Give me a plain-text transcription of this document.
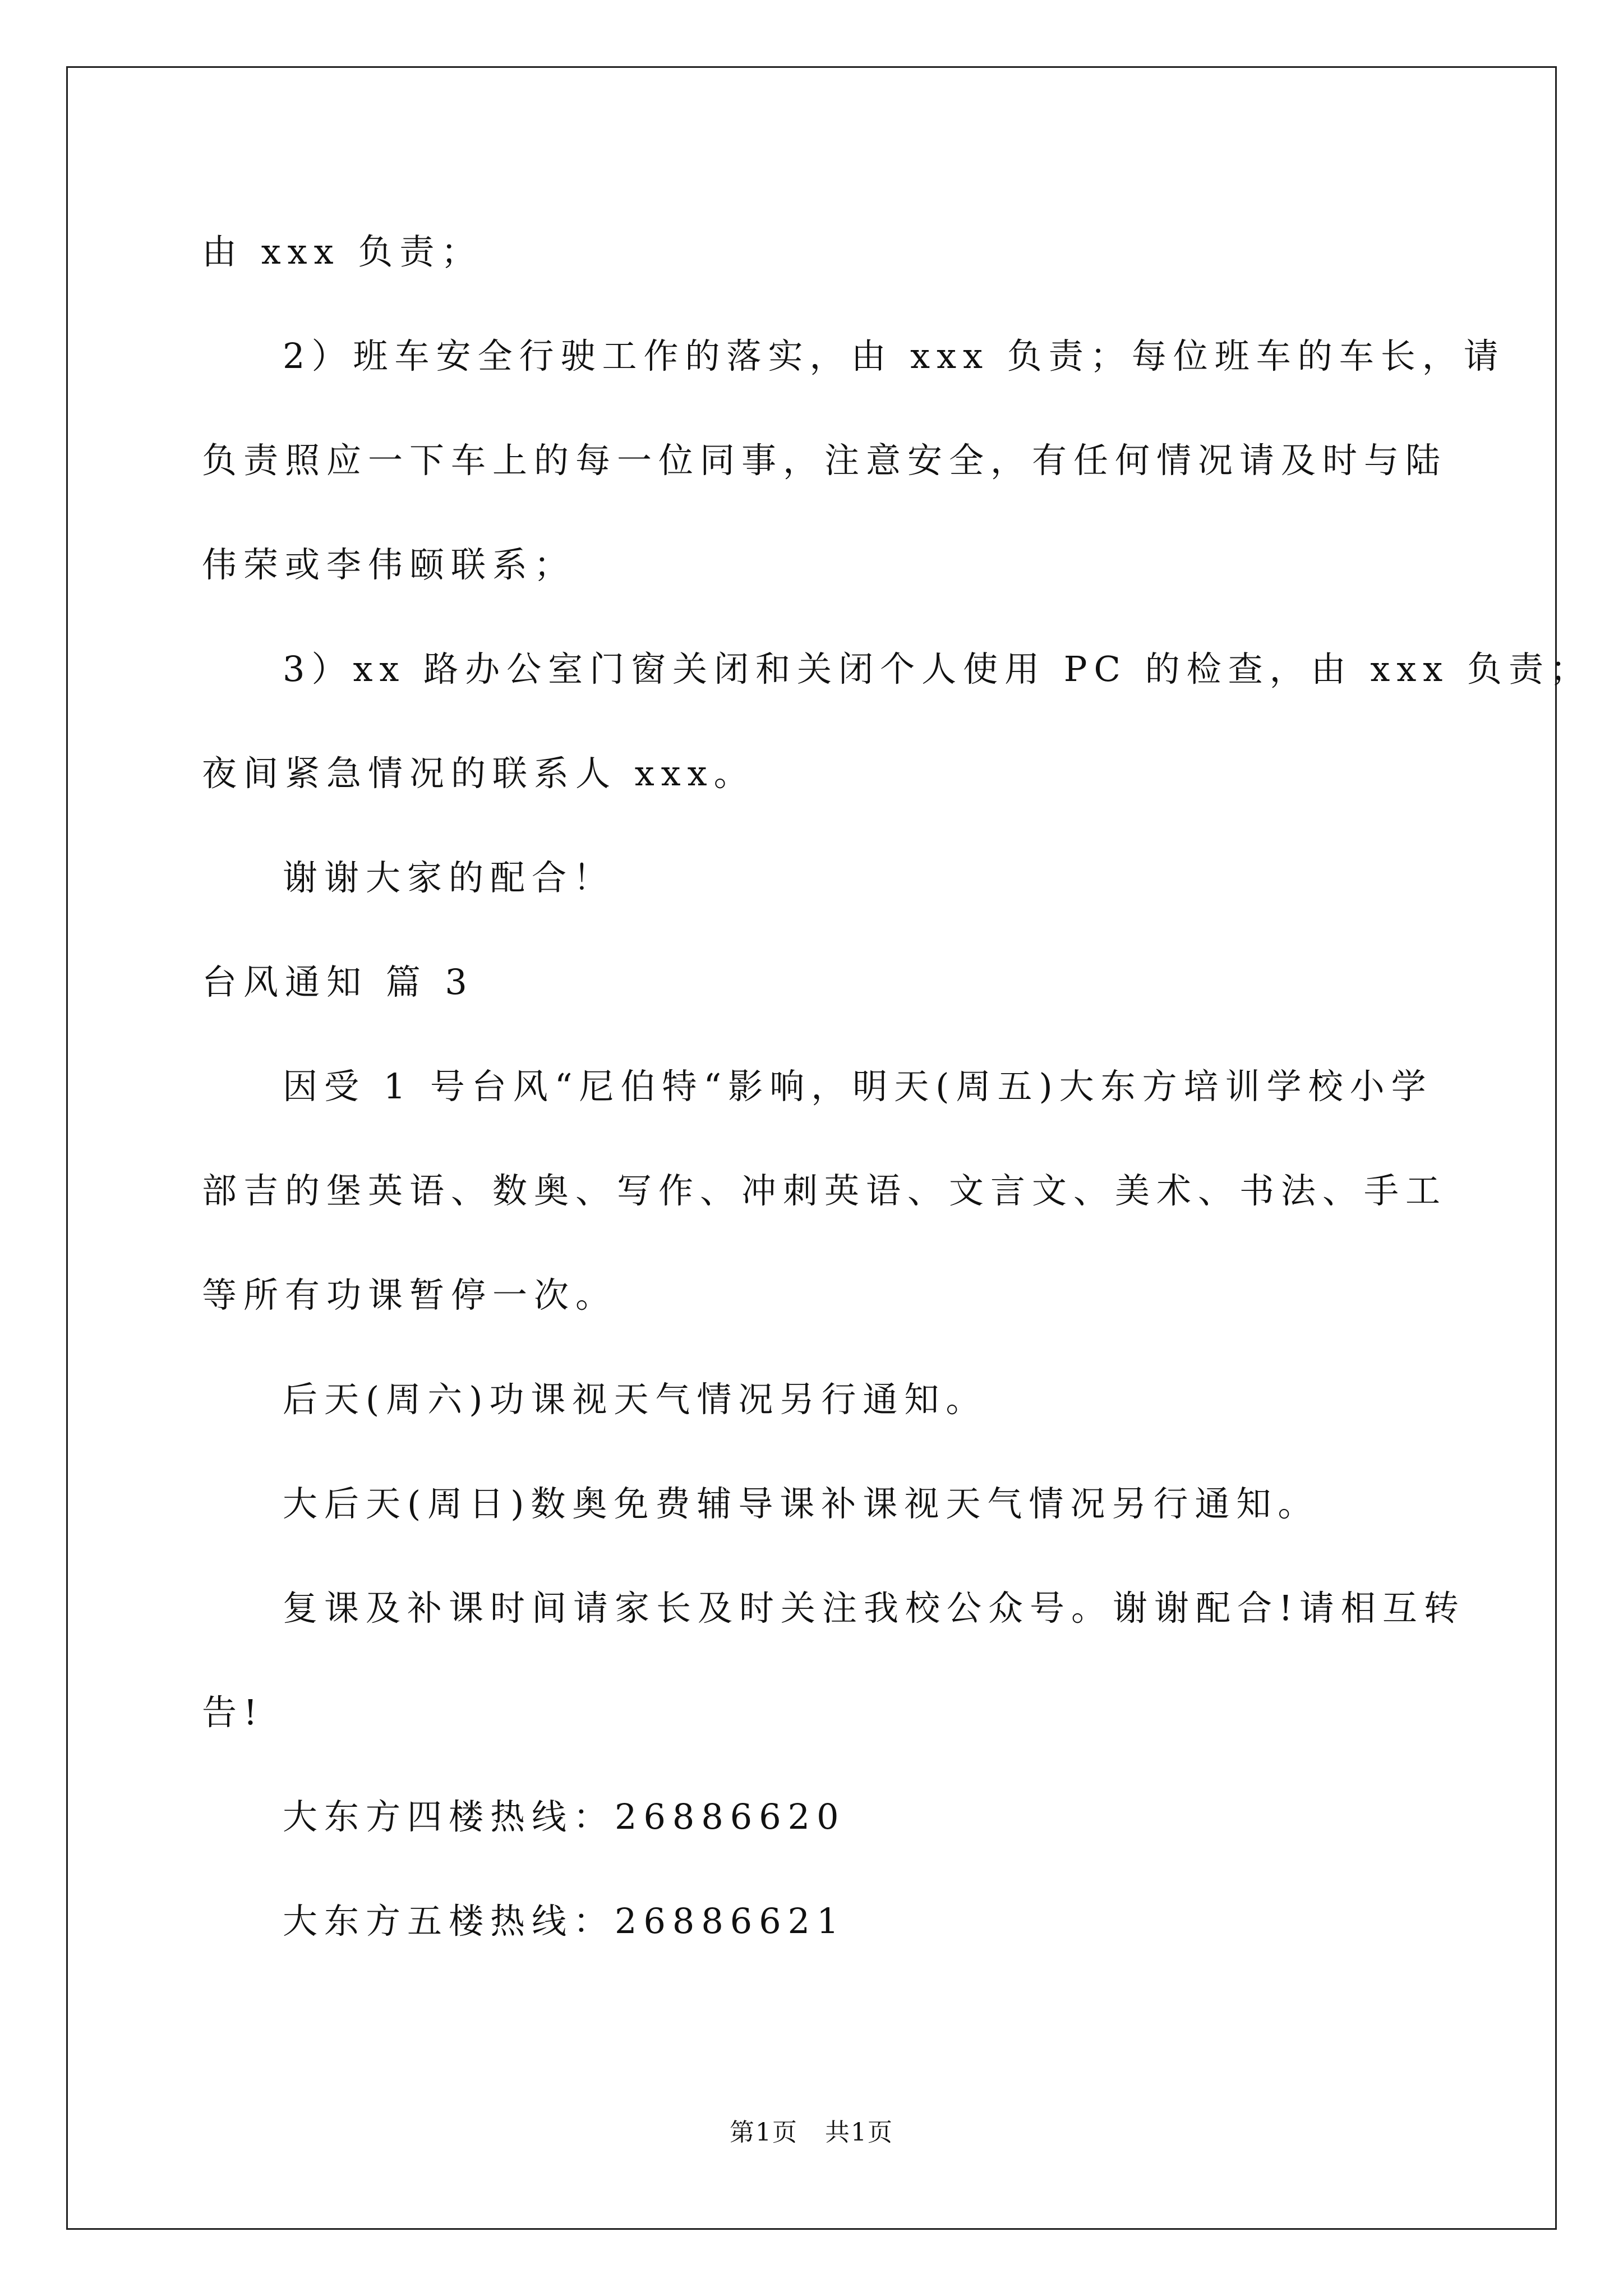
由 xxx 负责；
2）班车安全行驶工作的落实，由 xxx 负责；每位班车的车长，请
负责照应一下车上的每一位同事，注意安全，有任何情况请及时与陆
伟荣或李伟颐联系；
3）xx 路办公室门窗关闭和关闭个人使用 PC 的检查，由 xxx 负责；
夜间紧急情况的联系人 xxx。
谢谢大家的配合！
台风通知 篇 3
因受 1 号台风“尼伯特“影响，明天(周五)大东方培训学校小学
部吉的堡英语、数奥、写作、冲刺英语、文言文、美术、书法、手工
等所有功课暂停一次。
后天(周六)功课视天气情况另行通知。
大后天(周日)数奥免费辅导课补课视天气情况另行通知。
复课及补课时间请家长及时关注我校公众号。谢谢配合!请相互转
告!
大东方四楼热线：26886620
大东方五楼热线：26886621
第1页   共1页
